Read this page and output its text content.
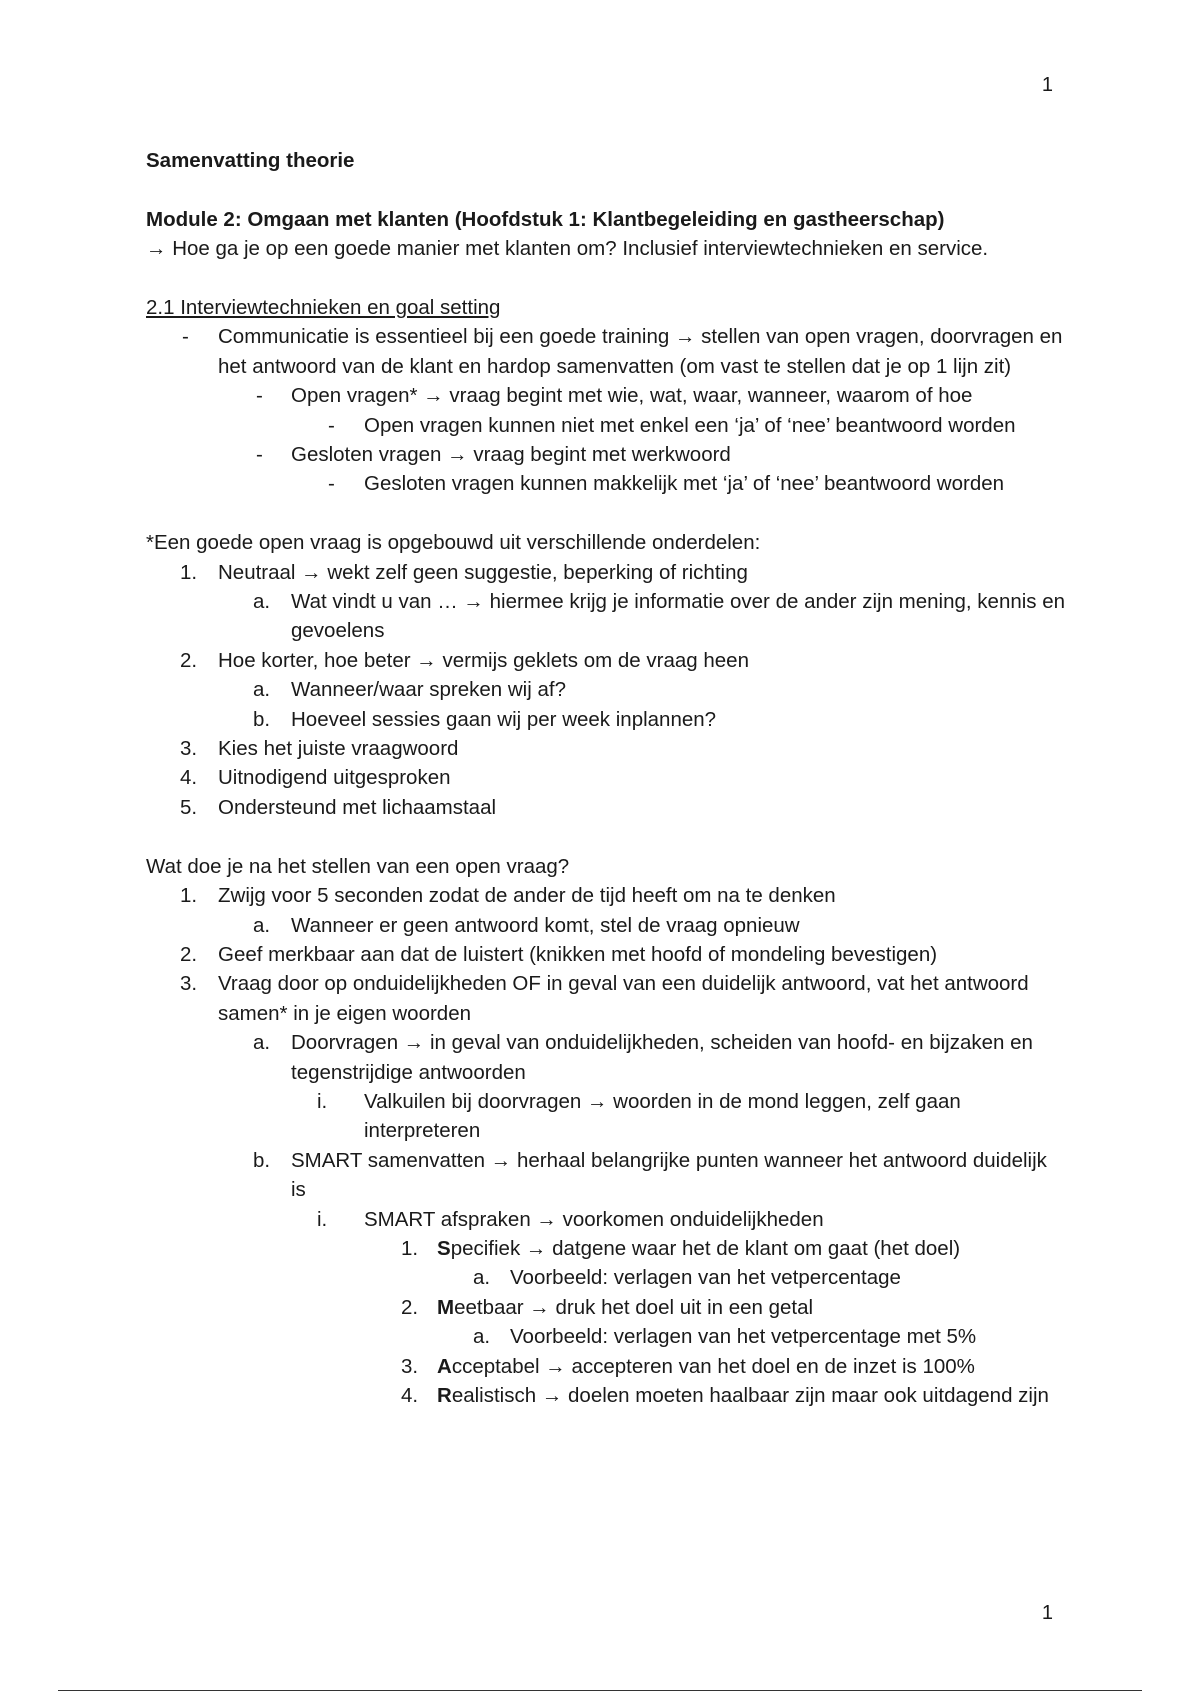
1

Samenvatting theorie

Module 2: Omgaan met klanten (Hoofdstuk 1: Klantbegeleiding en gastheerschap)

→ Hoe ga je op een goede manier met klanten om? Inclusief interviewtechnieken en service.

2.1 Interviewtechnieken en goal setting

- Communicatie is essentieel bij een goede training → stellen van open vragen, doorvragen en het antwoord van de klant en hardop samenvatten (om vast te stellen dat je op 1 lijn zit)
- Open vragen* → vraag begint met wie, wat, waar, wanneer, waarom of hoe
- Open vragen kunnen niet met enkel een ‘ja’ of ‘nee’ beantwoord worden
- Gesloten vragen → vraag begint met werkwoord
- Gesloten vragen kunnen makkelijk met ‘ja’ of ‘nee’ beantwoord worden

*Een goede open vraag is opgebouwd uit verschillende onderdelen:

1. Neutraal → wekt zelf geen suggestie, beperking of richting
a. Wat vindt u van … → hiermee krijg je informatie over de ander zijn mening, kennis en gevoelens
2. Hoe korter, hoe beter → vermijs geklets om de vraag heen
a. Wanneer/waar spreken wij af?
b. Hoeveel sessies gaan wij per week inplannen?
3. Kies het juiste vraagwoord
4. Uitnodigend uitgesproken
5. Ondersteund met lichaamstaal

Wat doe je na het stellen van een open vraag?

1. Zwijg voor 5 seconden zodat de ander de tijd heeft om na te denken
a. Wanneer er geen antwoord komt, stel de vraag opnieuw
2. Geef merkbaar aan dat de luistert (knikken met hoofd of mondeling bevestigen)
3. Vraag door op onduidelijkheden OF in geval van een duidelijk antwoord, vat het antwoord samen* in je eigen woorden
a. Doorvragen → in geval van onduidelijkheden, scheiden van hoofd- en bijzaken en tegenstrijdige antwoorden
i. Valkuilen bij doorvragen → woorden in de mond leggen, zelf gaan interpreteren
b. SMART samenvatten → herhaal belangrijke punten wanneer het antwoord duidelijk is
i. SMART afspraken → voorkomen onduidelijkheden
1. Specifiek → datgene waar het de klant om gaat (het doel)
a. Voorbeeld: verlagen van het vetpercentage
2. Meetbaar → druk het doel uit in een getal
a. Voorbeeld: verlagen van het vetpercentage met 5%
3. Acceptabel → accepteren van het doel en de inzet is 100%
4. Realistisch → doelen moeten haalbaar zijn maar ook uitdagend zijn
1
